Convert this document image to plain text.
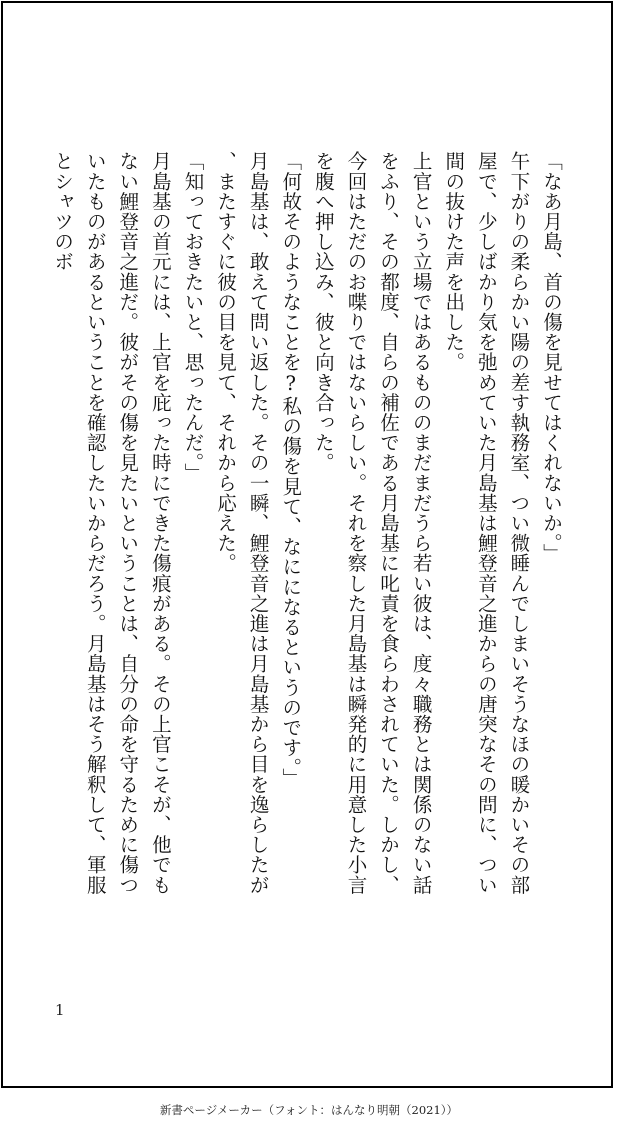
「なあ月島、首の傷を見せてはくれないか。」

午下がりの柔らかい陽の差す執務室、つい微睡んでしまいそうなほの暖かいその部屋で、少しばかり気を弛めていた月島基は鯉登音之進からの唐突なその問に、つい間の抜けた声を出した。

上官という立場ではあるもののまだまだうら若い彼は、度々職務とは関係のない話をふり、その都度、自らの補佐である月島基に叱責を食らわされていた。しかし、今回はただのお喋りではないらしい。それを察した月島基は瞬発的に用意した小言を腹へ押し込み、彼と向き合った。

「何故そのようなことを?私の傷を見て、なにになるというのです。」

月島基は、敢えて問い返した。その一瞬、鯉登音之進は月島基から目を逸らしたが、またすぐに彼の目を見て、それから応えた。

「知っておきたいと、思ったんだ。」

月島基の首元には、上官を庇った時にできた傷痕がある。その上官こそが、他でもない鯉登音之進だ。彼がその傷を見たいということは、自分の命を守るために傷ついたものがあるということを確認したいからだろう。月島基はそう解釈して、軍服とシャツのボ

1
新書ページメーカー（フォント：はんなり明朝（2021））
